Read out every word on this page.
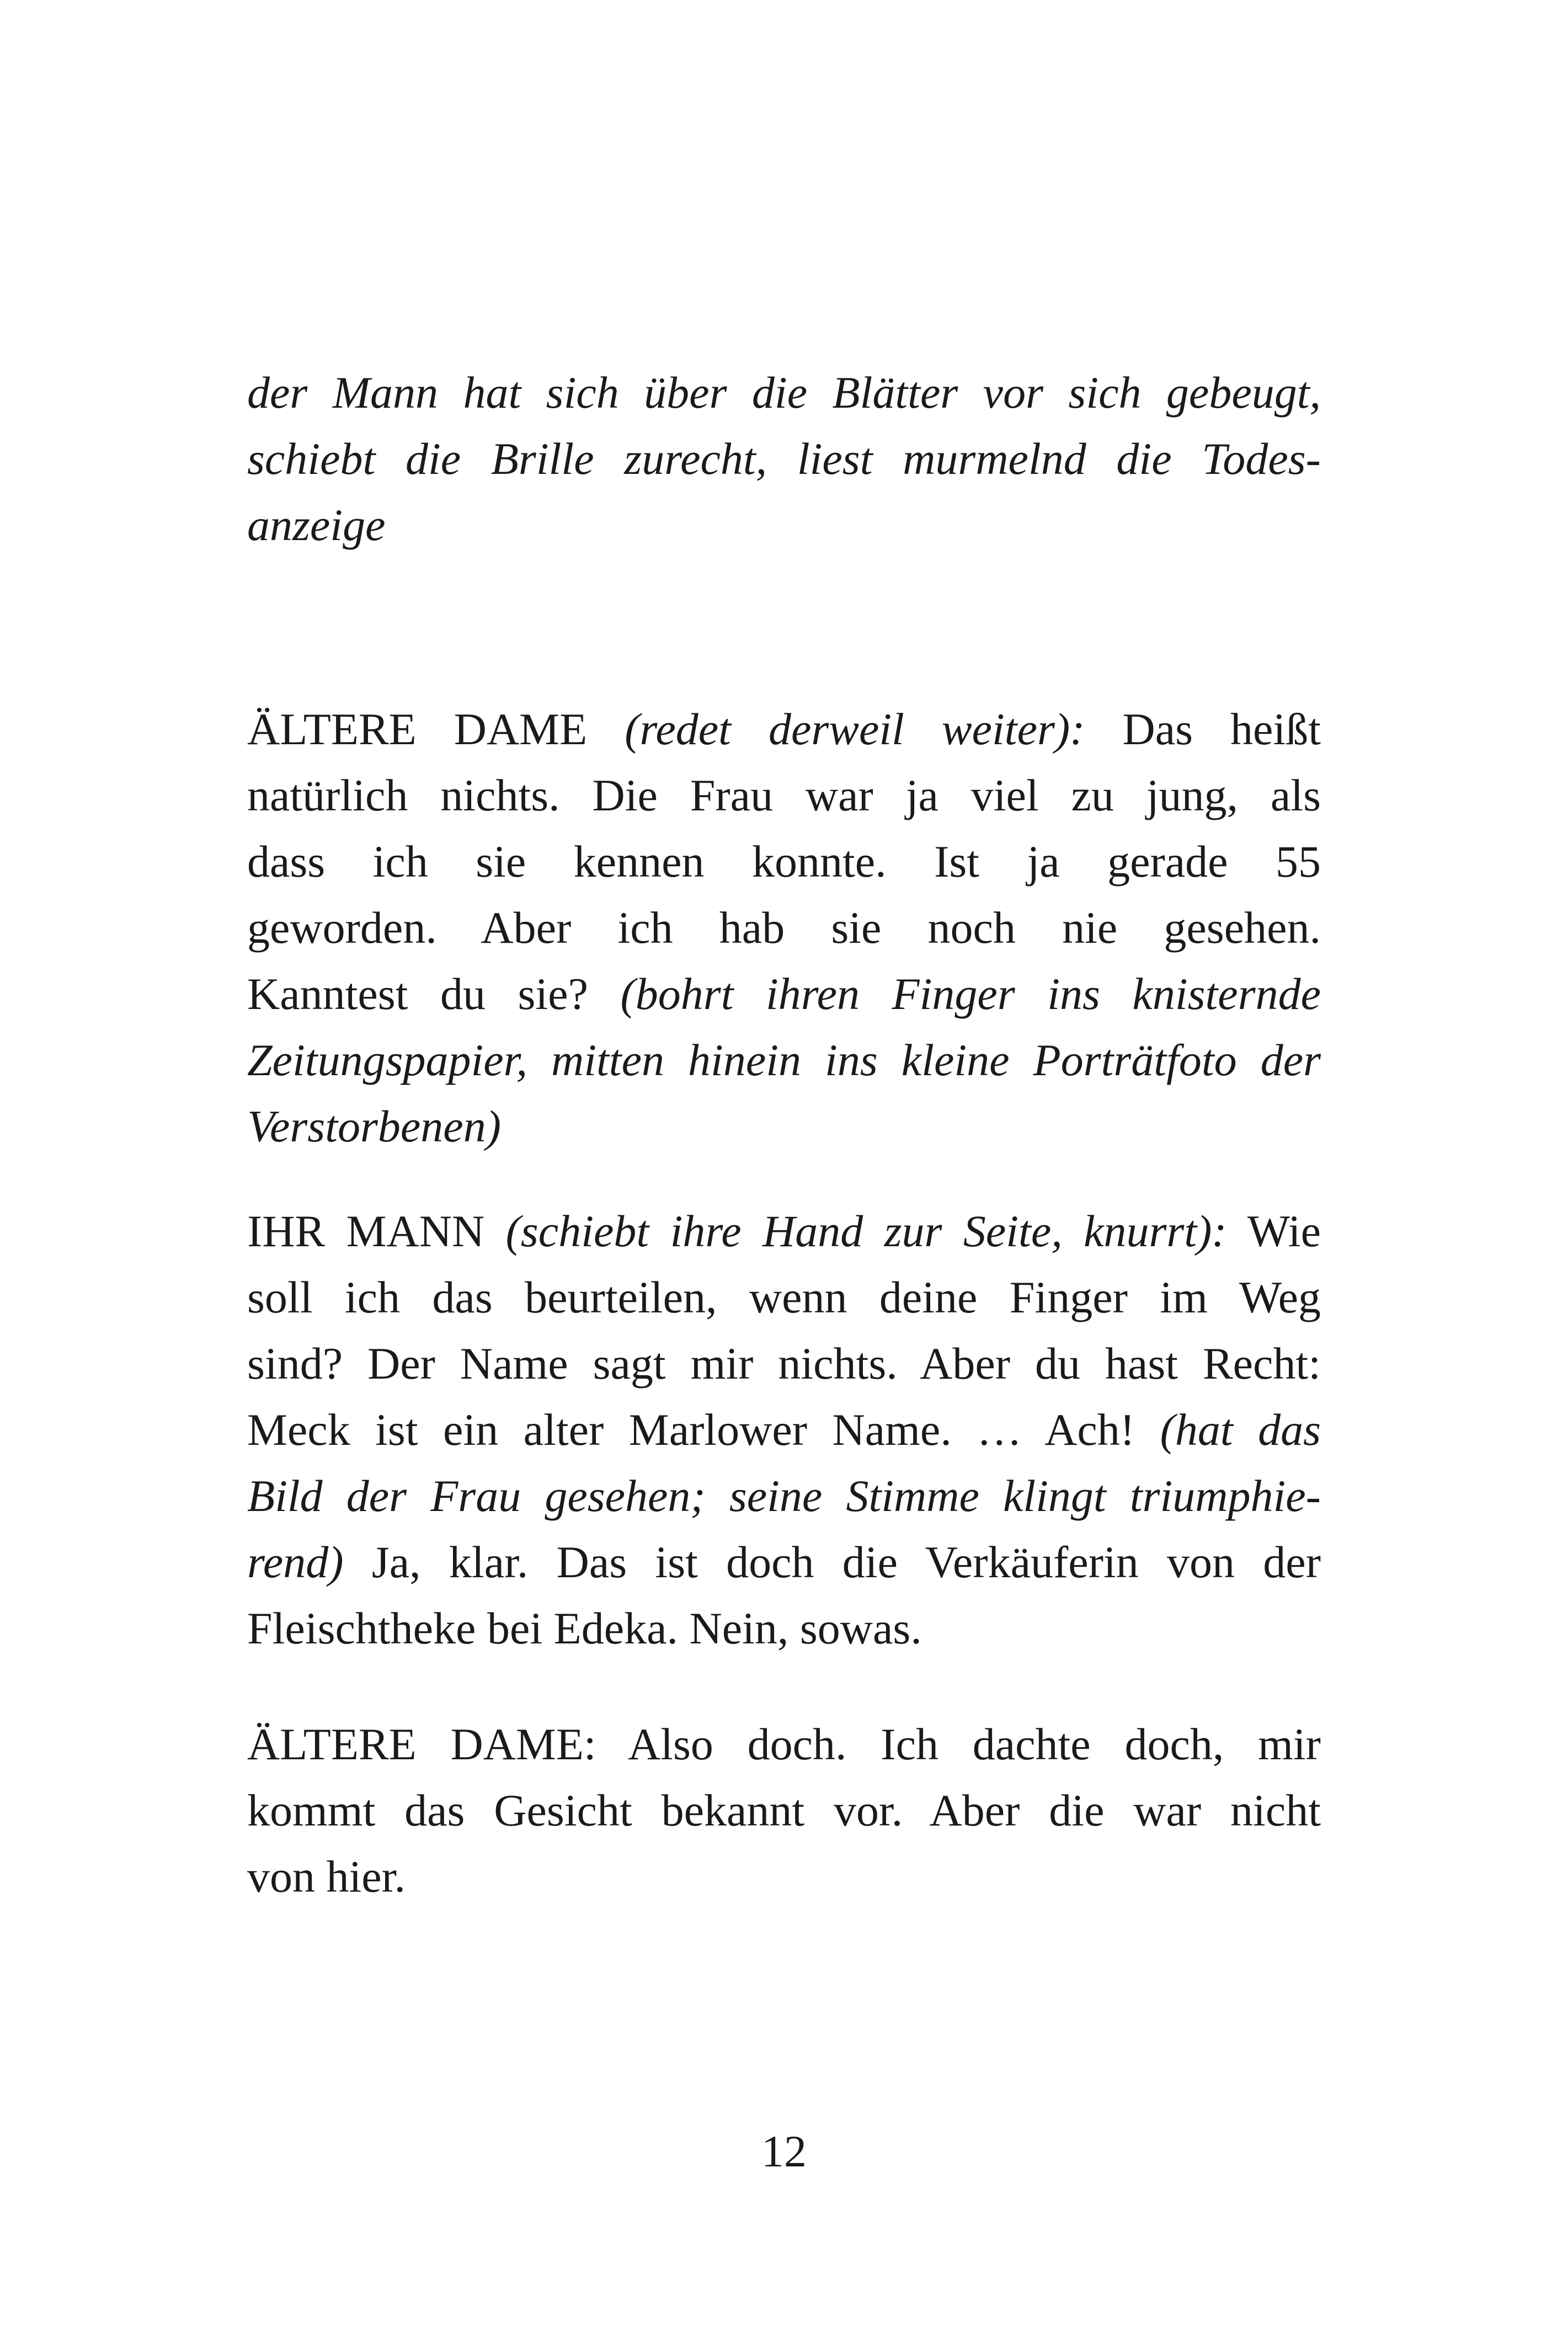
der Mann hat sich über die Blätter vor sich gebeugt,
schiebt die Brille zurecht, liest murmelnd die Todes-
anzeige
ÄLTERE DAME (redet derweil weiter): Das heißt
natürlich nichts. Die Frau war ja viel zu jung, als
dass ich sie kennen konnte. Ist ja gerade 55
geworden. Aber ich hab sie noch nie gesehen.
Kanntest du sie? (bohrt ihren Finger ins knisternde
Zeitungspapier, mitten hinein ins kleine Porträtfoto der
Verstorbenen)
IHR MANN (schiebt ihre Hand zur Seite, knurrt): Wie
soll ich das beurteilen, wenn deine Finger im Weg
sind? Der Name sagt mir nichts. Aber du hast Recht:
Meck ist ein alter Marlower Name. … Ach! (hat das
Bild der Frau gesehen; seine Stimme klingt triumphie-
rend) Ja, klar. Das ist doch die Verkäuferin von der
Fleischtheke bei Edeka. Nein, sowas.
ÄLTERE DAME: Also doch. Ich dachte doch, mir
kommt das Gesicht bekannt vor. Aber die war nicht
von hier.
12
